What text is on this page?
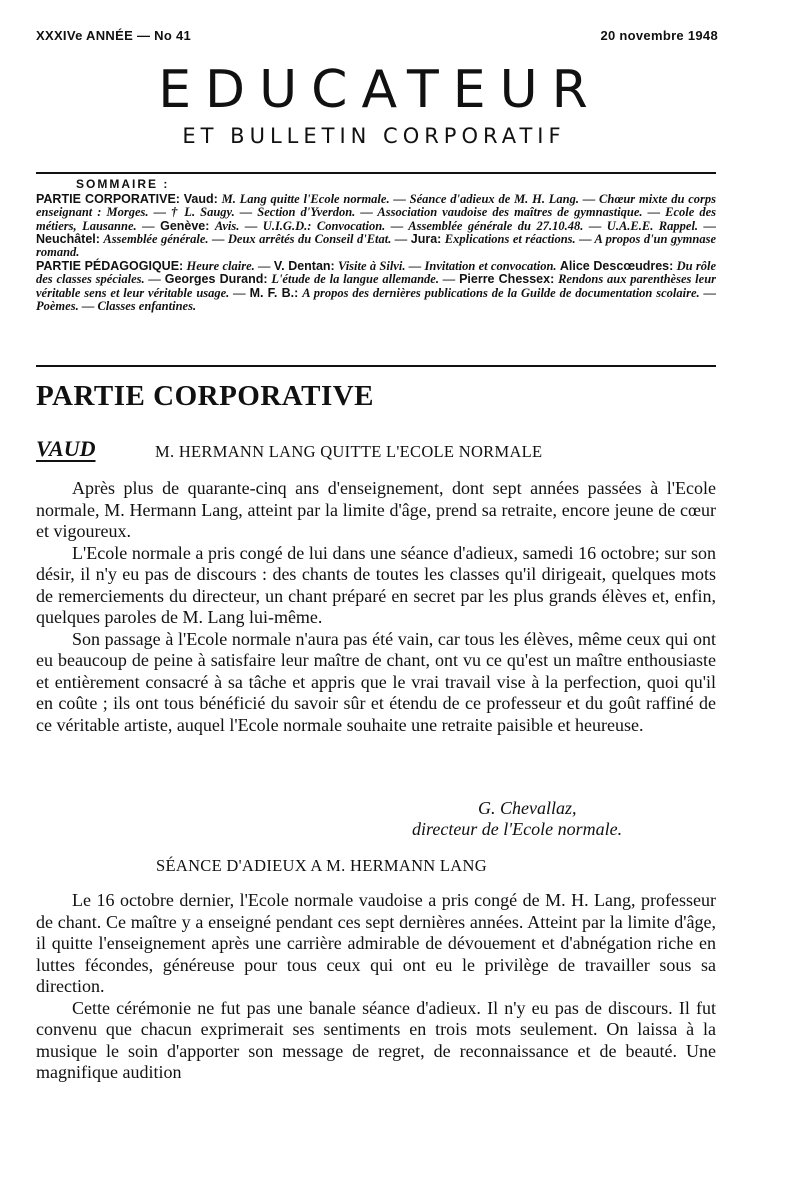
XXXIVe ANNÉE — No 41	20 novembre 1948
EDUCATEUR
ET BULLETIN CORPORATIF
SOMMAIRE :

PARTIE CORPORATIVE: Vaud: M. Lang quitte l'Ecole normale. — Séance d'adieux de M. H. Lang. — Chœur mixte du corps enseignant : Morges. — † L. Saugy. — Section d'Yverdon. — Association vaudoise des maîtres de gymnastique. — Ecole des métiers, Lausanne. — Genève: Avis. — U.I.G.D.: Convocation. — Assemblée générale du 27.10.48. — U.A.E.E. Rappel. — Neuchâtel: Assemblée générale. — Deux arrêtés du Conseil d'Etat. — Jura: Explications et réactions. — A propos d'un gymnase romand.

PARTIE PÉDAGOGIQUE: Heure claire. — V. Dentan: Visite à Silvi. — Invitation et convocation. Alice Descœudres: Du rôle des classes spéciales. — Georges Durand: L'étude de la langue allemande. — Pierre Chessex: Rendons aux parenthèses leur véritable sens et leur véritable usage. — M. F. B.: A propos des dernières publications de la Guilde de documentation scolaire. — Poèmes. — Classes enfantines.

PARTIE CORPORATIVE
VAUD	M. HERMANN LANG QUITTE L'ECOLE NORMALE

Après plus de quarante-cinq ans d'enseignement, dont sept années passées à l'Ecole normale, M. Hermann Lang, atteint par la limite d'âge, prend sa retraite, encore jeune de cœur et vigoureux.

L'Ecole normale a pris congé de lui dans une séance d'adieux, samedi 16 octobre; sur son désir, il n'y eu pas de discours : des chants de toutes les classes qu'il dirigeait, quelques mots de remerciements du directeur, un chant préparé en secret par les plus grands élèves et, enfin, quelques paroles de M. Lang lui-même.

Son passage à l'Ecole normale n'aura pas été vain, car tous les élèves, même ceux qui ont eu beaucoup de peine à satisfaire leur maître de chant, ont vu ce qu'est un maître enthousiaste et entièrement consacré à sa tâche et appris que le vrai travail vise à la perfection, quoi qu'il en coûte ; ils ont tous bénéficié du savoir sûr et étendu de ce professeur et du goût raffiné de ce véritable artiste, auquel l'Ecole normale souhaite une retraite paisible et heureuse.

G. Chevallaz,
directeur de l'Ecole normale.
SÉANCE D'ADIEUX A M. HERMANN LANG

Le 16 octobre dernier, l'Ecole normale vaudoise a pris congé de M. H. Lang, professeur de chant. Ce maître y a enseigné pendant ces sept dernières années. Atteint par la limite d'âge, il quitte l'enseignement après une carrière admirable de dévouement et d'abnégation riche en luttes fécondes, généreuse pour tous ceux qui ont eu le privilège de travailler sous sa direction.

Cette cérémonie ne fut pas une banale séance d'adieux. Il n'y eu pas de discours. Il fut convenu que chacun exprimerait ses sentiments en trois mots seulement. On laissa à la musique le soin d'apporter son message de regret, de reconnaissance et de beauté. Une magnifique audition
